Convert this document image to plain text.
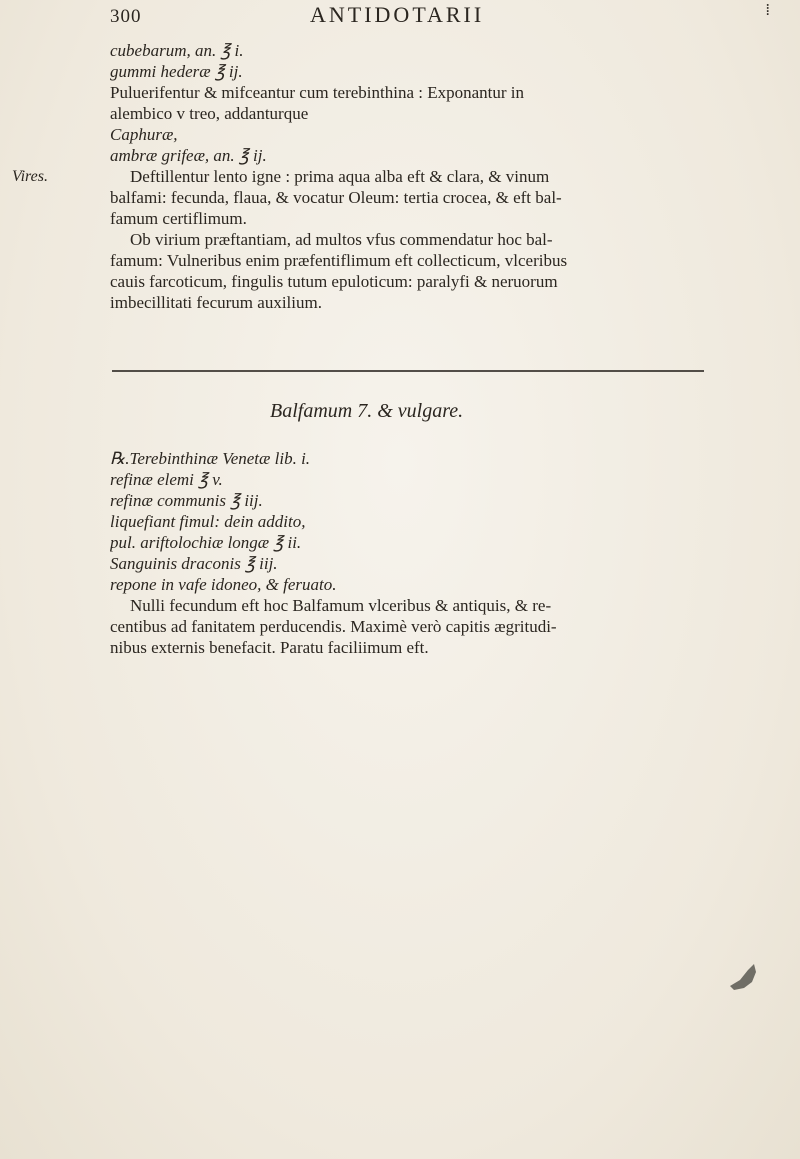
300	ANTIDOTARII	⁞
Vires.
cubebarum, an. ℥ i.
gummi hederæ ℥ ij.
Puluerifentur & mifceantur cum terebinthina : Exponantur in
alembico v treo, addanturque
Caphuræ,
ambræ grifeæ, an. ℥ ij.
Deftillentur lento igne : prima aqua alba eft & clara, & vinum
balfami: fecunda, flaua, & vocatur Oleum: tertia crocea, & eft bal-
famum certiflimum.
Ob virium præftantiam, ad multos vfus commendatur hoc bal-
famum: Vulneribus enim præfentiflimum eft collecticum, vlceribus
cauis farcoticum, fingulis tutum epuloticum: paralyfi & neruorum
imbecillitati fecurum auxilium.
Balfamum 7. & vulgare.
℞.Terebinthinæ Venetæ lib. i.
refinæ elemi ℥ v.
refinæ communis ℥ iij.
liquefiant fimul: dein addito,
pul. ariftolochiæ longæ ℥ ii.
Sanguinis draconis ℥ iij.
repone in vafe idoneo, & feruato.
Nulli fecundum eft hoc Balfamum vlceribus & antiquis, & re-
centibus ad fanitatem perducendis. Maximè verò capitis ægritudi-
nibus externis benefacit. Paratu faciliimum eft.
